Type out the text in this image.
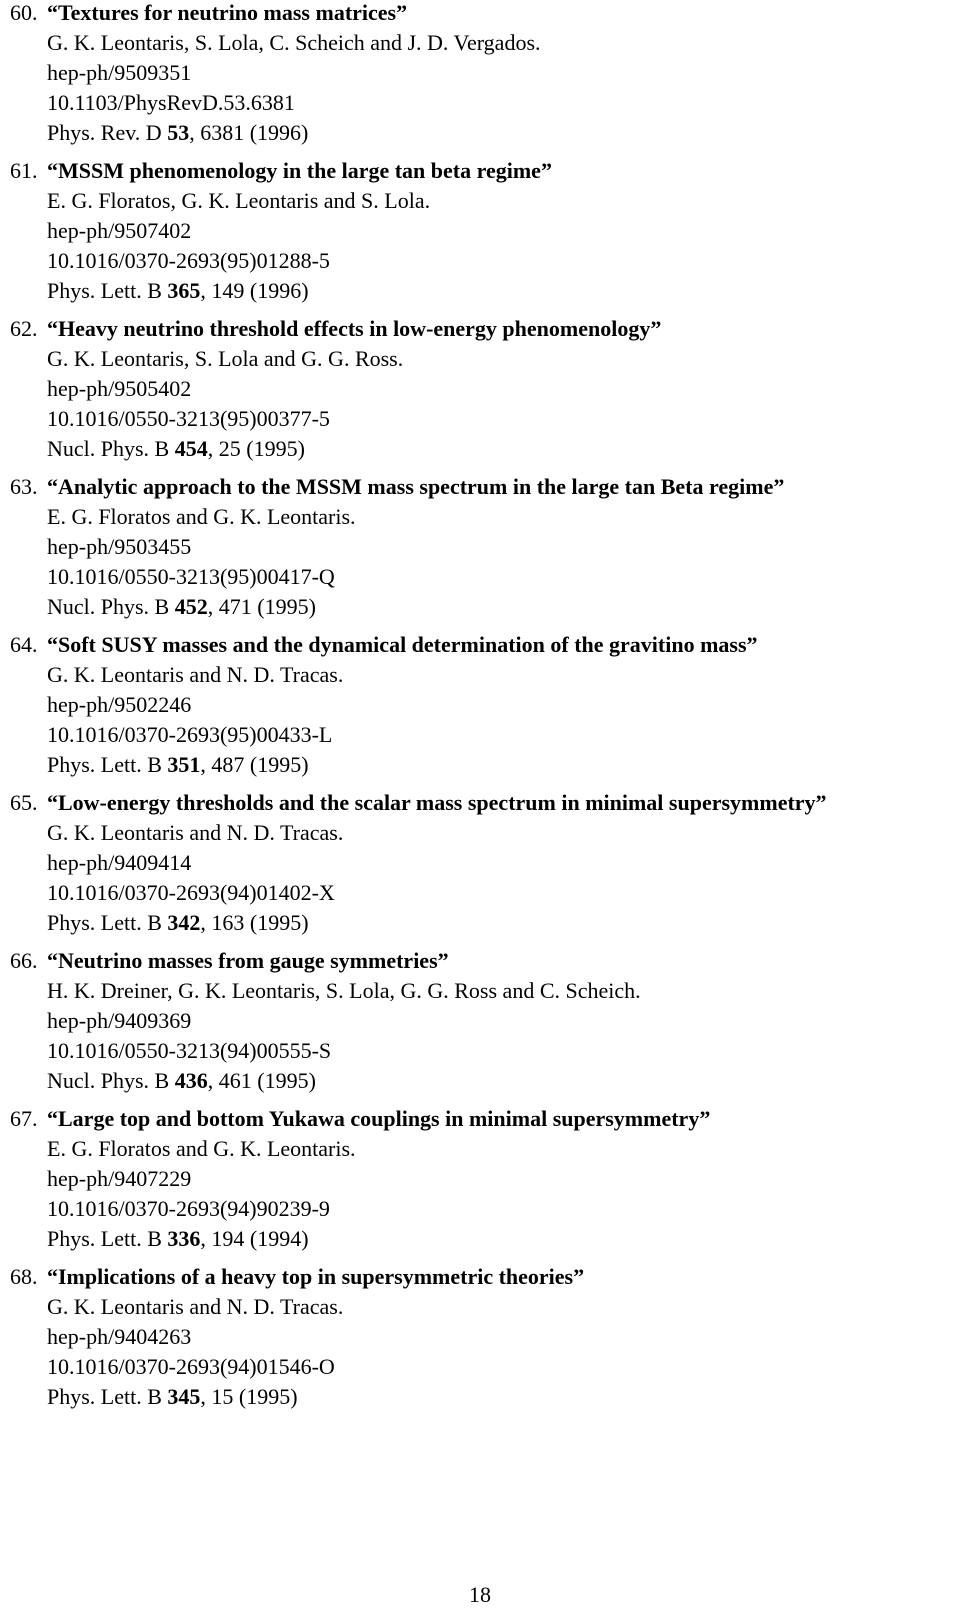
60. “Textures for neutrino mass matrices”
G. K. Leontaris, S. Lola, C. Scheich and J. D. Vergados.
hep-ph/9509351
10.1103/PhysRevD.53.6381
Phys. Rev. D 53, 6381 (1996)
61. “MSSM phenomenology in the large tan beta regime”
E. G. Floratos, G. K. Leontaris and S. Lola.
hep-ph/9507402
10.1016/0370-2693(95)01288-5
Phys. Lett. B 365, 149 (1996)
62. “Heavy neutrino threshold effects in low-energy phenomenology”
G. K. Leontaris, S. Lola and G. G. Ross.
hep-ph/9505402
10.1016/0550-3213(95)00377-5
Nucl. Phys. B 454, 25 (1995)
63. “Analytic approach to the MSSM mass spectrum in the large tan Beta regime”
E. G. Floratos and G. K. Leontaris.
hep-ph/9503455
10.1016/0550-3213(95)00417-Q
Nucl. Phys. B 452, 471 (1995)
64. “Soft SUSY masses and the dynamical determination of the gravitino mass”
G. K. Leontaris and N. D. Tracas.
hep-ph/9502246
10.1016/0370-2693(95)00433-L
Phys. Lett. B 351, 487 (1995)
65. “Low-energy thresholds and the scalar mass spectrum in minimal supersymmetry”
G. K. Leontaris and N. D. Tracas.
hep-ph/9409414
10.1016/0370-2693(94)01402-X
Phys. Lett. B 342, 163 (1995)
66. “Neutrino masses from gauge symmetries”
H. K. Dreiner, G. K. Leontaris, S. Lola, G. G. Ross and C. Scheich.
hep-ph/9409369
10.1016/0550-3213(94)00555-S
Nucl. Phys. B 436, 461 (1995)
67. “Large top and bottom Yukawa couplings in minimal supersymmetry”
E. G. Floratos and G. K. Leontaris.
hep-ph/9407229
10.1016/0370-2693(94)90239-9
Phys. Lett. B 336, 194 (1994)
68. “Implications of a heavy top in supersymmetric theories”
G. K. Leontaris and N. D. Tracas.
hep-ph/9404263
10.1016/0370-2693(94)01546-O
Phys. Lett. B 345, 15 (1995)
18
